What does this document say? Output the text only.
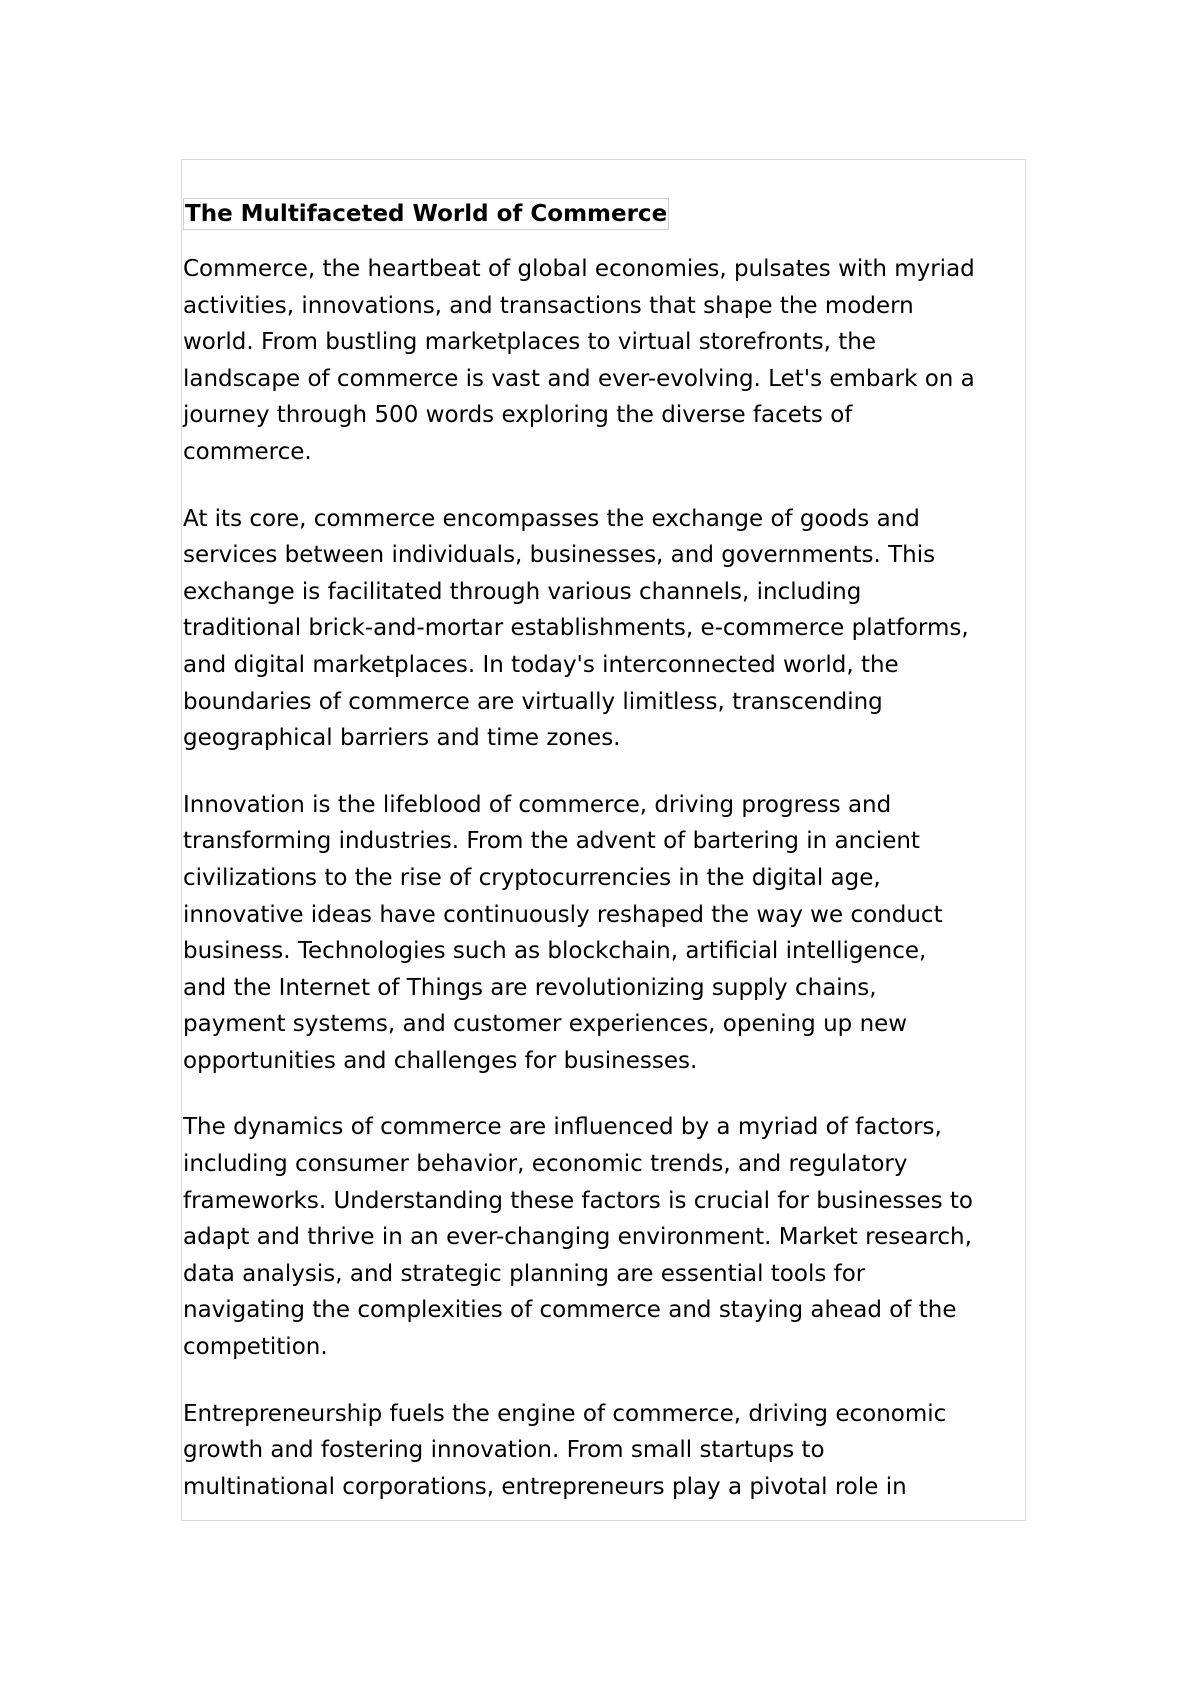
The Multifaceted World of Commerce

Commerce, the heartbeat of global economies, pulsates with myriad
activities, innovations, and transactions that shape the modern
world. From bustling marketplaces to virtual storefronts, the
landscape of commerce is vast and ever-evolving. Let's embark on a
journey through 500 words exploring the diverse facets of
commerce.

At its core, commerce encompasses the exchange of goods and
services between individuals, businesses, and governments. This
exchange is facilitated through various channels, including
traditional brick-and-mortar establishments, e-commerce platforms,
and digital marketplaces. In today's interconnected world, the
boundaries of commerce are virtually limitless, transcending
geographical barriers and time zones.

Innovation is the lifeblood of commerce, driving progress and
transforming industries. From the advent of bartering in ancient
civilizations to the rise of cryptocurrencies in the digital age,
innovative ideas have continuously reshaped the way we conduct
business. Technologies such as blockchain, artificial intelligence,
and the Internet of Things are revolutionizing supply chains,
payment systems, and customer experiences, opening up new
opportunities and challenges for businesses.

The dynamics of commerce are influenced by a myriad of factors,
including consumer behavior, economic trends, and regulatory
frameworks. Understanding these factors is crucial for businesses to
adapt and thrive in an ever-changing environment. Market research,
data analysis, and strategic planning are essential tools for
navigating the complexities of commerce and staying ahead of the
competition.

Entrepreneurship fuels the engine of commerce, driving economic
growth and fostering innovation. From small startups to
multinational corporations, entrepreneurs play a pivotal role in
